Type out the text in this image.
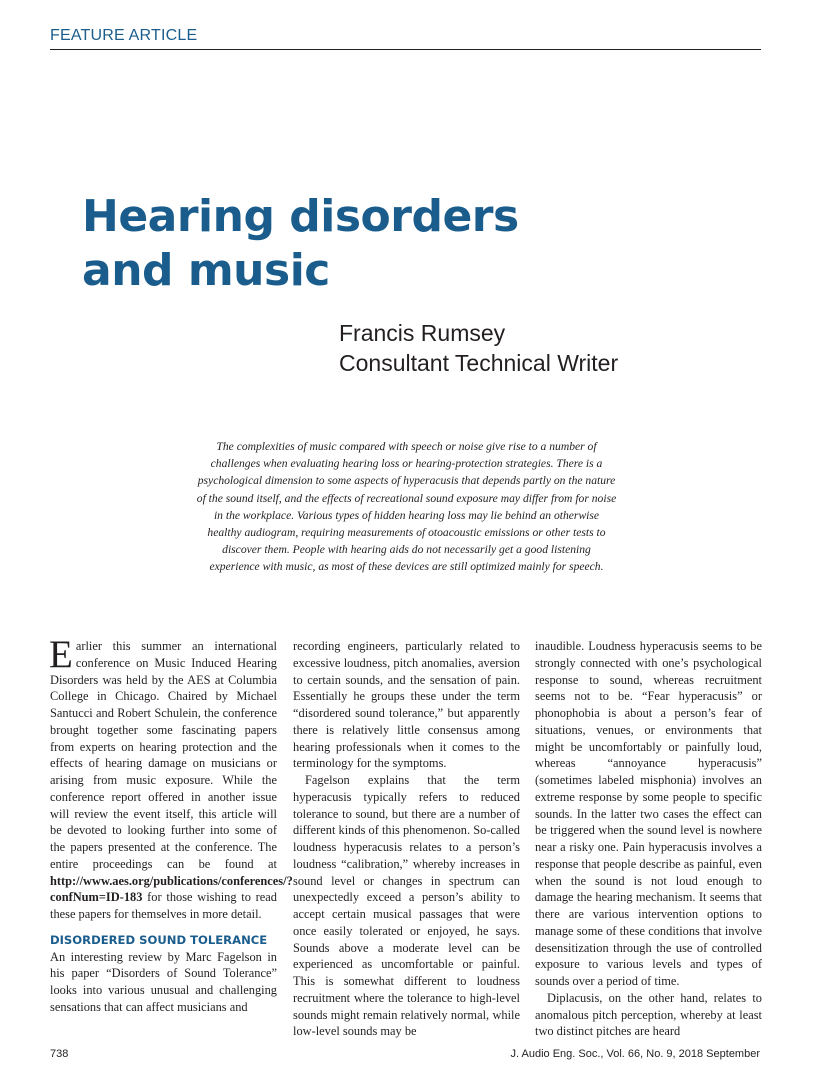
FEATURE ARTICLE
Hearing disorders
and music
Francis Rumsey
Consultant Technical Writer
The complexities of music compared with speech or noise give rise to a number of challenges when evaluating hearing loss or hearing-protection strategies. There is a psychological dimension to some aspects of hyperacusis that depends partly on the nature of the sound itself, and the effects of recreational sound exposure may differ from for noise in the workplace. Various types of hidden hearing loss may lie behind an otherwise healthy audiogram, requiring measurements of otoacoustic emissions or other tests to discover them. People with hearing aids do not necessarily get a good listening experience with music, as most of these devices are still optimized mainly for speech.

Earlier this summer an international conference on Music Induced Hearing Disorders was held by the AES at Columbia College in Chicago. Chaired by Michael Santucci and Robert Schulein, the conference brought together some fascinating papers from experts on hearing protection and the effects of hearing damage on musicians or arising from music exposure. While the conference report offered in another issue will review the event itself, this article will be devoted to looking further into some of the papers presented at the conference. The entire proceedings can be found at http://www.aes.org/publications/conferences/?confNum=ID-183 for those wishing to read these papers for themselves in more detail.

DISORDERED SOUND TOLERANCE

An interesting review by Marc Fagelson in his paper “Disorders of Sound Tolerance” looks into various unusual and challenging sensations that can affect musicians and

recording engineers, particularly related to excessive loudness, pitch anomalies, aversion to certain sounds, and the sensation of pain. Essentially he groups these under the term “disordered sound tolerance,” but apparently there is relatively little consensus among hearing professionals when it comes to the terminology for the symptoms.

Fagelson explains that the term hyperacusis typically refers to reduced tolerance to sound, but there are a number of different kinds of this phenomenon. So-called loudness hyperacusis relates to a person’s loudness “calibration,” whereby increases in sound level or changes in spectrum can unexpectedly exceed a person’s ability to accept certain musical passages that were once easily tolerated or enjoyed, he says. Sounds above a moderate level can be experienced as uncomfortable or painful. This is somewhat different to loudness recruitment where the tolerance to high-level sounds might remain relatively normal, while low-level sounds may be

inaudible. Loudness hyperacusis seems to be strongly connected with one’s psychological response to sound, whereas recruitment seems not to be. “Fear hyperacusis” or phonophobia is about a person’s fear of situations, venues, or environments that might be uncomfortably or painfully loud, whereas “annoyance hyperacusis” (sometimes labeled misphonia) involves an extreme response by some people to specific sounds. In the latter two cases the effect can be triggered when the sound level is nowhere near a risky one. Pain hyperacusis involves a response that people describe as painful, even when the sound is not loud enough to damage the hearing mechanism. It seems that there are various intervention options to manage some of these conditions that involve desensitization through the use of controlled exposure to various levels and types of sounds over a period of time.

Diplacusis, on the other hand, relates to anomalous pitch perception, whereby at least two distinct pitches are heard

738	J. Audio Eng. Soc., Vol. 66, No. 9, 2018 September
